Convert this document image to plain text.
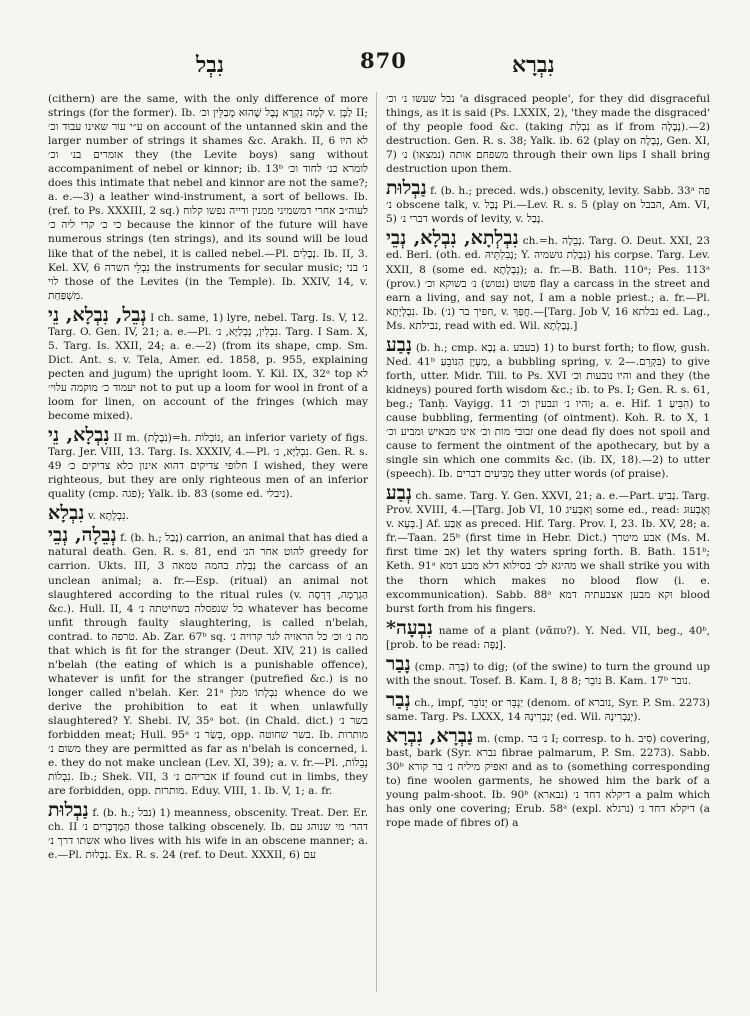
נִבְל	870	נִבְרָא

(cithern) are the same, with the only difference of more strings (for the former). Ib. לְמָה נִקְרָא נֶבֶל שֶׁהוּא מְבַלֵּין וכ׳ v. לַבָּן II; ע״י עור שאינו עבוד וכ׳ on account of the untanned skin and the larger number of strings it shames &c. Arakh. II, 6 לא היו אומרים בנ׳ וכ׳ they (the Levite boys) sang without accompaniment of nebel or kinnor; ib. 13ᵇ לומרא כנ׳ לחוד וכ׳ does this intimate that nebel and kinnor are not the same?; a. e.—3) a leather wind-instrument, a sort of bellows. Ib. (ref. to Ps. XXXIII, 2 sq.) לעוה״ב אחרי דמשמיני ממנין ודייה נפשו קלוח כי כ׳ קרי ליה כ׳ because the kinnor of the future will have numerous strings (ten strings), and its sound will be loud like that of the nebel, it is called nebel.—Pl. נְבָלִים. Ib. II, 3. Kel. XV, 6 נִבְלֵי השרה the instruments for secular music; נ׳ בני לוי those of the Levites (in the Temple). Ib. XXIV, 14, v. מִשְׁפַּחַת.

נְבֵל, נִבְלָא, נֵי I ch. same, 1) lyre, nebel. Targ. Is. V, 12. Targ. O. Gen. IV, 21; a. e.—Pl. נִבְלִין, נְבְלַיָּא, נ׳. Targ. I Sam. X, 5. Targ. Is. XXII, 24; a. e.—2) (from its shape, cmp. Sm. Dict. Ant. s. v. Tela, Amer. ed. 1858, p. 955, explaining pecten and jugum) the upright loom. Y. Kil. IX, 32ᵃ top לא יעמוד כ׳ מוקמה עלוי׳ not to put up a loom for wool in front of a loom for linen, on account of the fringes (which may become mixed).

נִבְלָא, נֵי II m. (נֹבֶלֶת)=h. נוֹבְלוֹת, an inferior variety of figs. Targ. Jer. VIII, 13. Targ. Is. XXXIV, 4.—Pl. נִבְלַיָּא, נ׳. Gen. R. s. 49 חלופי צדיקים דהוא אינון כלא צדיקים כ׳ I wished, they were righteous, but they are only righteous men of an inferior quality (cmp. פגה); Yalk. ib. 83 (some ed. ניבלי).

נִבְלָא v. נִבְלְתָא.

נְבֵלָה, נְבֵי f. (b. h.; נָבַל) carrion, an animal that has died a natural death. Gen. R. s. 81, end להוט אחר הנ׳ greedy for carrion. Ukts. III, 3 נִבְלַת בהמה טמאה the carcass of an unclean animal; a. fr.—Esp. (ritual) an animal not slaughtered according to the ritual rules (v. הַגְרָמָה, דְּרָסָה &c.). Hull. II, 4 כל שנפסלה בשחיטתה נ׳ whatever has become unfit through faulty slaughtering, is called n'belah, contrad. to טרפה. Ab. Zar. 67ᵇ sq. מה נ׳ וכ׳ כל הראויה לגר קרויה נ׳ that which is fit for the stranger (Deut. XIV, 21) is called n'belah (the eating of which is a punishable offence), whatever is unfit for the stranger (putrefied &c.) is no longer called n'belah. Ker. 21ᵃ נִבְלָתוֹ מנלן whence do we derive the prohibition to eat it when unlawfully slaughtered? Y. Shebi. IV, 35ᵃ bot. (in Chald. dict.) בשר נ׳ forbidden meat; Hull. 95ᵃ בְּשַׂר נ׳, opp. בשר שחוטה. Ib. מותרות משום נ׳ they are permitted as far as n'belah is concerned, i. e. they do not make unclean (Lev. XI, 39); a. v. fr.—Pl. נְבֵלוֹת, נִבְלוֹת. Ib.; Shek. VII, 3 אבריהם נ׳ if found cut in limbs, they are forbidden, opp. מותרות. Eduy. VIII, 1. Ib. V, 1; a. fr.

נַבְלוּת f. (b. h.; נבל) 1) meanness, obscenity. Treat. Der. Er. ch. II הַמְדַבְּרִים נ׳ those talking obscenely. Ib. דהר׳ מי שנוהג עם אשתו דרך נ׳ who lives with his wife in an obscene manner; a. e.—Pl. נַבְלוּת. Ex. R. s. 24 (ref. to Deut. XXXII, 6) עם

נבל שעשו נ׳ וכ׳ 'a disgraced people', for they did disgraceful things, as it is said (Ps. LXXIX, 2), 'they made the disgraced' of thy people food &c. (taking נִבְלַת as if from נְבָלָה).—2) destruction. Gen. R. s. 38; Yalk. ib. 62 (play on נְבָלָה, Gen. XI, 7) משפחם אותה (נמצאו) נ׳ through their own lips I shall bring destruction upon them.

נַבְלוּת f. (b. h.; preced. wds.) obscenity, levity. Sabb. 33ᵃ פה נ׳ obscene talk, v. נָבַל Pi.—Lev. R. s. 5 (play on הבבל, Am. VI, 5) דברי נ׳ words of levity, v. נָבַל.

נִבְלְתָא, נִבְלָא, נְבֵי ch.=h. נְבֵלָה. Targ. O. Deut. XXI, 23 ed. Berl. (oth. ed. נְבִלְתֵּיהּ; Y. נִבְלַת גושמיה) his corpse. Targ. Lev. XXII, 8 (some ed. נִבְלָתָא); a. fr.—B. Bath. 110ᵃ; Pes. 113ᵃ (prov.) פשוט (נטוש) נ׳ בשוקא וכ׳ flay a carcass in the street and earn a living, and say not, I am a noble priest.; a. fr.—Pl. נִבְלְיָתָא. Ib. (נ׳) חפיך בר, v. חֲפַךְ.—[Targ. Job V, 16 נבלתא ed. Lag., Ms. נבילתא, read with ed. Wil. נְבָלְתָא.]

נָבַע (b. h.; cmp. נְבָא a. בעבע) 1) to burst forth; to flow, gush. Ned. 41ᵇ מַעְיָן הַנּוֹבֵעַ, a bubbling spring, v. בִּקְרֵם.—2) to give forth, utter. Midr. Till. to Ps. XVI והיו נובעות וכ׳ and they (the kidneys) poured forth wisdom &c.; ib. to Ps. I; Gen. R. s. 61, beg.; Tanḥ. Vayigg. 11 והיו נ׳ ונבעין וכ׳; a. e. Hif. הִבִּיעַ 1) to cause bubbling, fermenting (of ointment). Koh. R. to X, 1 זבובי מות וכ׳ אינו מבאיש ומביע וכ׳ one dead fly does not spoil and cause to ferment the ointment of the apothecary, but by a single sin which one commits &c. (ib. IX, 18).—2) to utter (speech). Ib. מַבִּיעִים דברים they utter words (of praise).

נְבַע ch. same. Targ. Y. Gen. XXVI, 21; a. e.—Part. נָבִיעַ. Targ. Prov. XVIII, 4.—[Targ. Job VI, 10 וְאִבְּעִיג some ed., read: וְאֶבְעוּג v. בְּעָא.] Af. אַבַּע as preced. Hif. Targ. Prov. I, 23. Ib. XV, 28; a. fr.—Taan. 25ᵇ (first time in Hebr. Dict.) אבע מיטרך (Ms. M. first time אב) let thy waters spring forth. B. Bath. 151ᵇ; Keth. 91ᵃ מהיגא לכ׳ בסילוא דלא מבע דמא we shall strike you with the thorn which makes no blood flow (i. e. excommunication). Sabb. 88ᵃ וקא מבען אצבעתיה דמא blood burst forth from his fingers.

*נִבְעָה name of a plant (νᾶπυ?). Y. Ned. VII, beg., 40ᵇ, [prob. to be read: נַפְּה].

נָבַר (cmp. בְּרָה) to dig; (of the swine) to turn the ground up with the snout. Tosef. B. Kam. I, 8 נוֹבֵר ;8 B. Kam. 17ᵇ נובר.

נְבַר ch., impf, יְנוֹבֵר or יַנְבֵּר (denom. of נוברא, Syr. P. Sm. 2273) same. Targ. Ps. LXXX, 14 יְנַבְרִינָהּ (ed. Wil. יְנַבְרִינָהּ).

נַבְרָא, נִבְרָא m. (cmp. נ׳ בר I; corresp. to h. סִיב) covering, bast, bark (Syr. נברא fibrae palmarum, P. Sm. 2273). Sabb. 30ᵇ ואפיק מיליה נ׳ בר קורא and as to (something corresponding to) fine woolen garments, he showed him the bark of a young palm-shoot. Ib. 90ᵇ דיקלא דחד נ׳ (נבארא) a palm which has only one covering; Erub. 58ᵃ (expl. נרגלא) דיקלא דחד נ׳ (a rope made of fibres of) a
